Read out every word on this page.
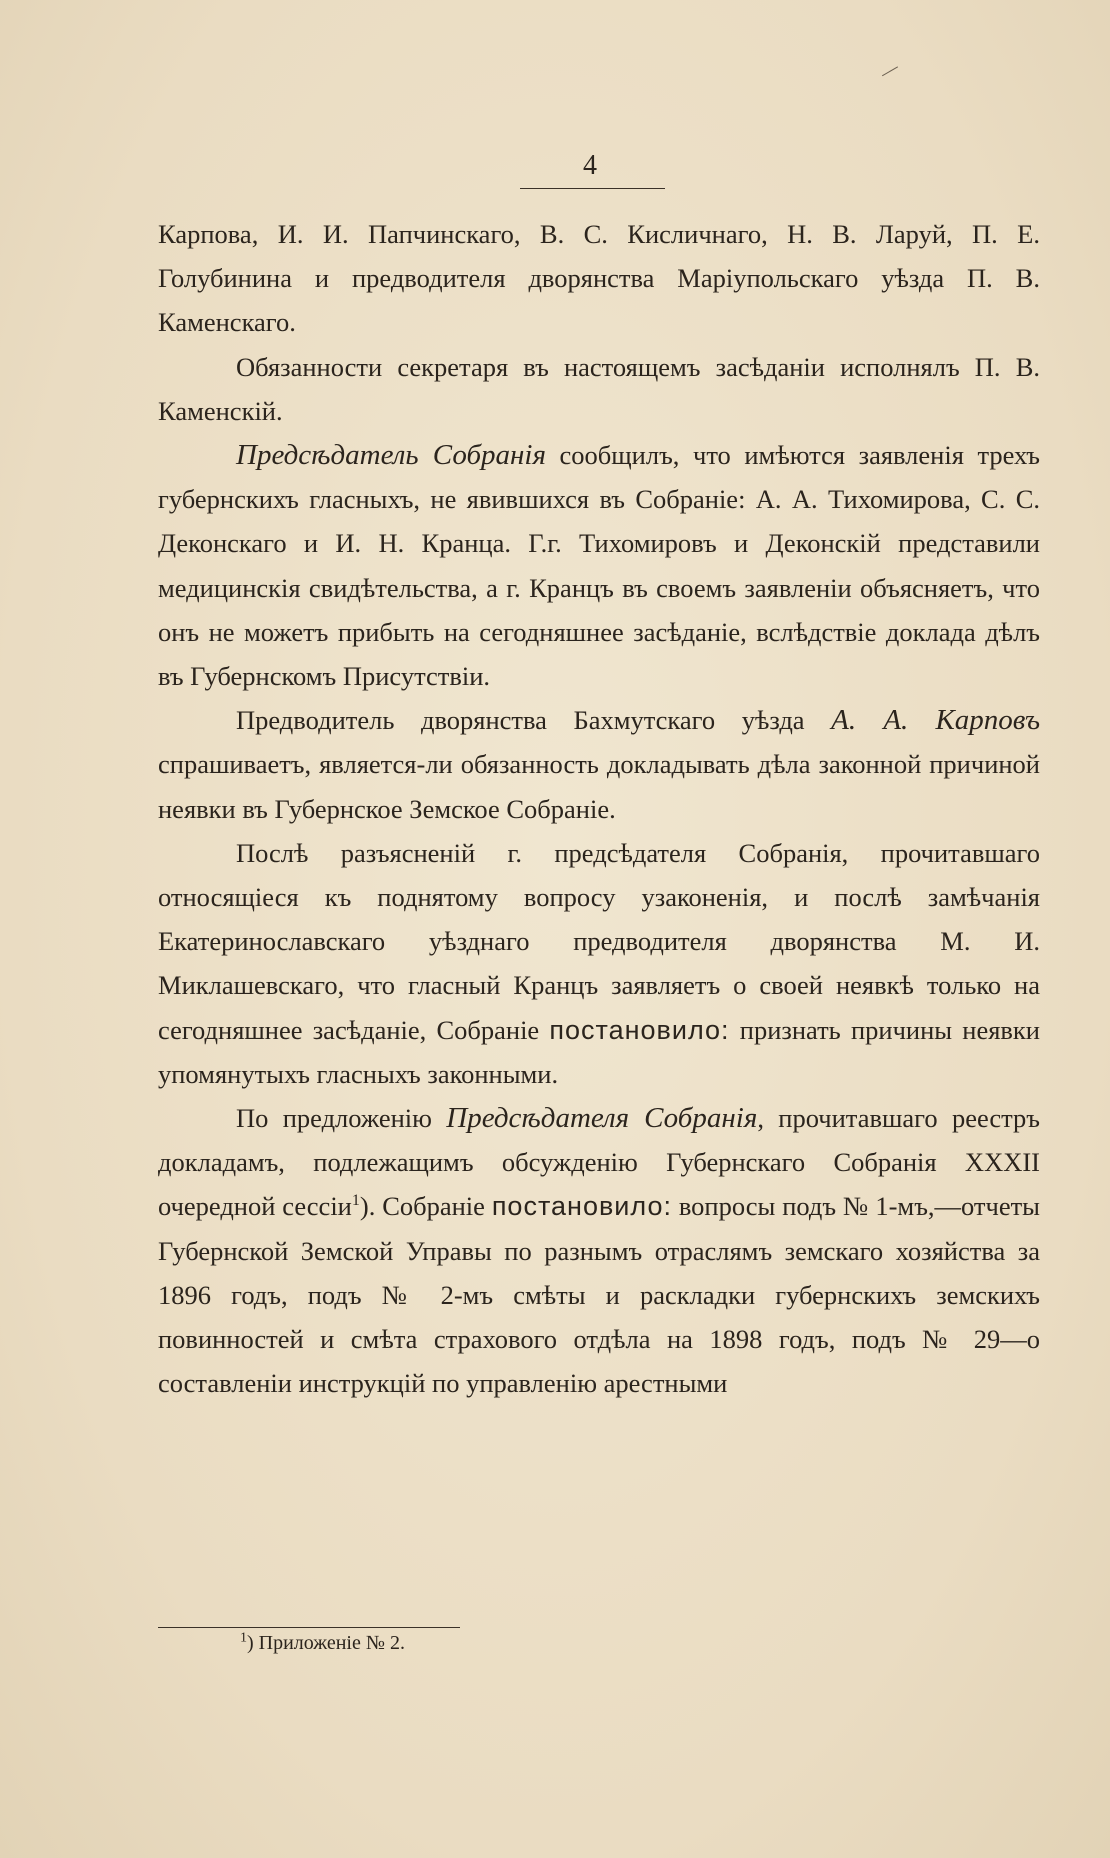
4

Карпова, И. И. Папчинскаго, В. С. Кисличнаго, Н. В. Ларуй, П. Е. Голубинина и предводителя дворянства Маріупольскаго уѣзда П. В. Каменскаго.

Обязанности секретаря въ настоящемъ засѣданіи исполнялъ П. В. Каменскій.

Предсѣдатель Собранія сообщилъ, что имѣются заявленія трехъ губернскихъ гласныхъ, не явившихся въ Собраніе: А. А. Тихомирова, С. С. Деконскаго и И. Н. Кранца. Г.г. Тихомировъ и Деконскій представили медицинскія свидѣтельства, а г. Кранцъ въ своемъ заявленіи объясняетъ, что онъ не можетъ прибыть на сегодняшнее засѣданіе, вслѣдствіе доклада дѣлъ въ Губернскомъ Присутствіи.

Предводитель дворянства Бахмутскаго уѣзда А. А. Карповъ спрашиваетъ, является-ли обязанность докладывать дѣла законной причиной неявки въ Губернское Земское Собраніе.

Послѣ разъясненій г. предсѣдателя Собранія, прочитавшаго относящіеся къ поднятому вопросу узаконенія, и послѣ замѣчанія Екатеринославскаго уѣзднаго предводителя дворянства М. И. Миклашевскаго, что гласный Кранцъ заявляетъ о своей неявкѣ только на сегодняшнее засѣданіе, Собраніе постановило: признать причины неявки упомянутыхъ гласныхъ законными.

По предложенію Предсѣдателя Собранія, прочитавшаго реестръ докладамъ, подлежащимъ обсужденію Губернскаго Собранія XXXII очередной сессіи$^1$). Собраніе постановило: вопросы подъ № 1-мъ,—отчеты Губернской Земской Управы по разнымъ отраслямъ земскаго хозяйства за 1896 годъ, подъ № 2-мъ смѣты и раскладки губернскихъ земскихъ повинностей и смѣта страхового отдѣла на 1898 годъ, подъ № 29—о составленіи инструкцій по управленію арестными

$^1$) Приложеніе № 2.
